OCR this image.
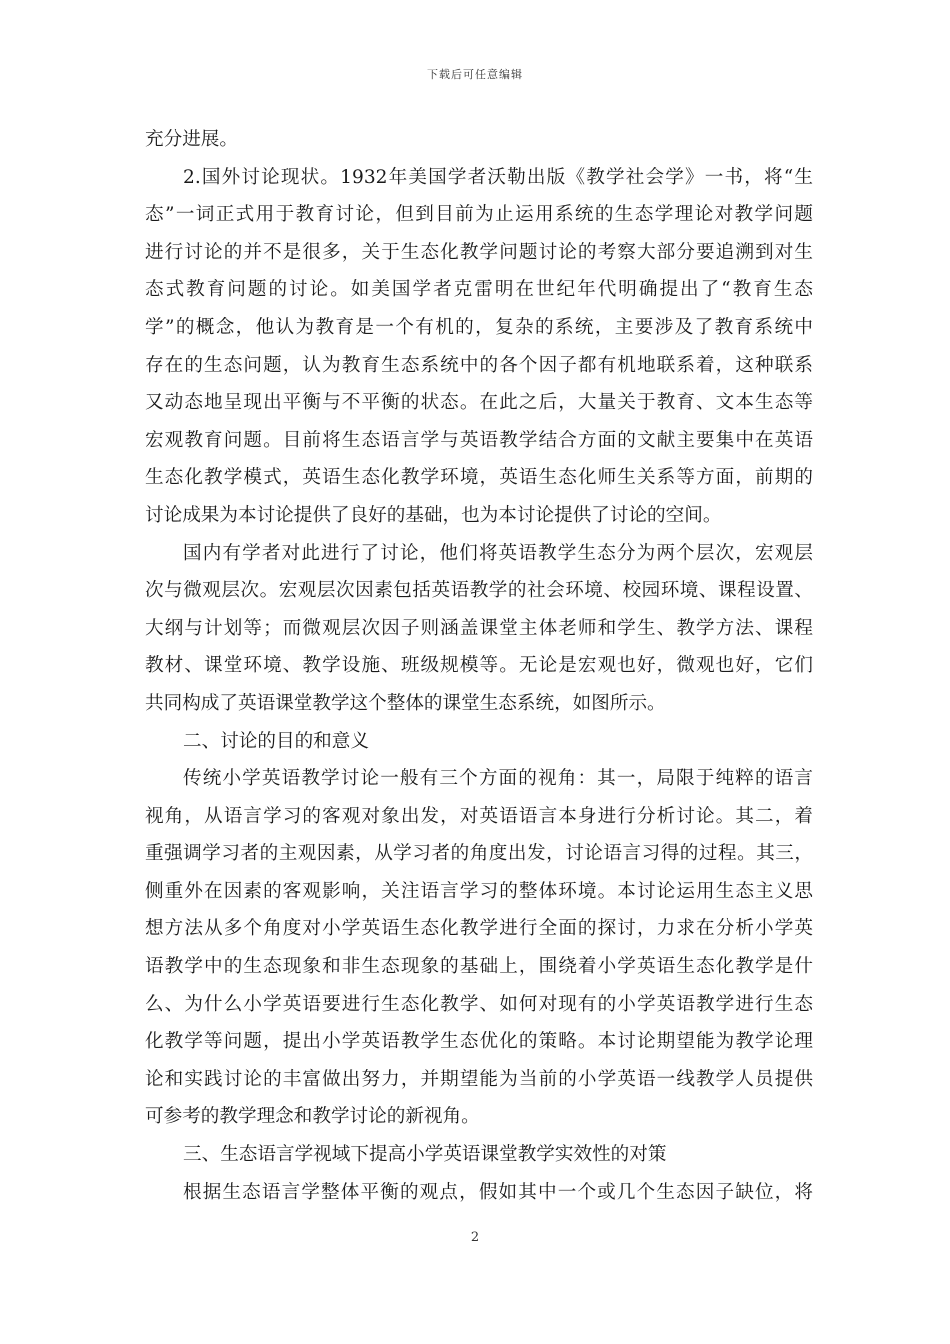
下载后可任意编辑
充分进展。
2.国外讨论现状。1932年美国学者沃勒出版《教学社会学》一书，将“生
态”一词正式用于教育讨论，但到目前为止运用系统的生态学理论对教学问题
进行讨论的并不是很多，关于生态化教学问题讨论的考察大部分要追溯到对生
态式教育问题的讨论。如美国学者克雷明在世纪年代明确提出了“教育生态
学”的概念，他认为教育是一个有机的，复杂的系统，主要涉及了教育系统中
存在的生态问题，认为教育生态系统中的各个因子都有机地联系着，这种联系
又动态地呈现出平衡与不平衡的状态。在此之后，大量关于教育、文本生态等
宏观教育问题。目前将生态语言学与英语教学结合方面的文献主要集中在英语
生态化教学模式，英语生态化教学环境，英语生态化师生关系等方面，前期的
讨论成果为本讨论提供了良好的基础，也为本讨论提供了讨论的空间。
国内有学者对此进行了讨论，他们将英语教学生态分为两个层次，宏观层
次与微观层次。宏观层次因素包括英语教学的社会环境、校园环境、课程设置、
大纲与计划等；而微观层次因子则涵盖课堂主体老师和学生、教学方法、课程
教材、课堂环境、教学设施、班级规模等。无论是宏观也好，微观也好，它们
共同构成了英语课堂教学这个整体的课堂生态系统，如图所示。
二、讨论的目的和意义
传统小学英语教学讨论一般有三个方面的视角：其一，局限于纯粹的语言
视角，从语言学习的客观对象出发，对英语语言本身进行分析讨论。其二，着
重强调学习者的主观因素，从学习者的角度出发，讨论语言习得的过程。其三，
侧重外在因素的客观影响，关注语言学习的整体环境。本讨论运用生态主义思
想方法从多个角度对小学英语生态化教学进行全面的探讨，力求在分析小学英
语教学中的生态现象和非生态现象的基础上，围绕着小学英语生态化教学是什
么、为什么小学英语要进行生态化教学、如何对现有的小学英语教学进行生态
化教学等问题，提出小学英语教学生态优化的策略。本讨论期望能为教学论理
论和实践讨论的丰富做出努力，并期望能为当前的小学英语一线教学人员提供
可参考的教学理念和教学讨论的新视角。
三、生态语言学视域下提高小学英语课堂教学实效性的对策
根据生态语言学整体平衡的观点，假如其中一个或几个生态因子缺位，将
2
